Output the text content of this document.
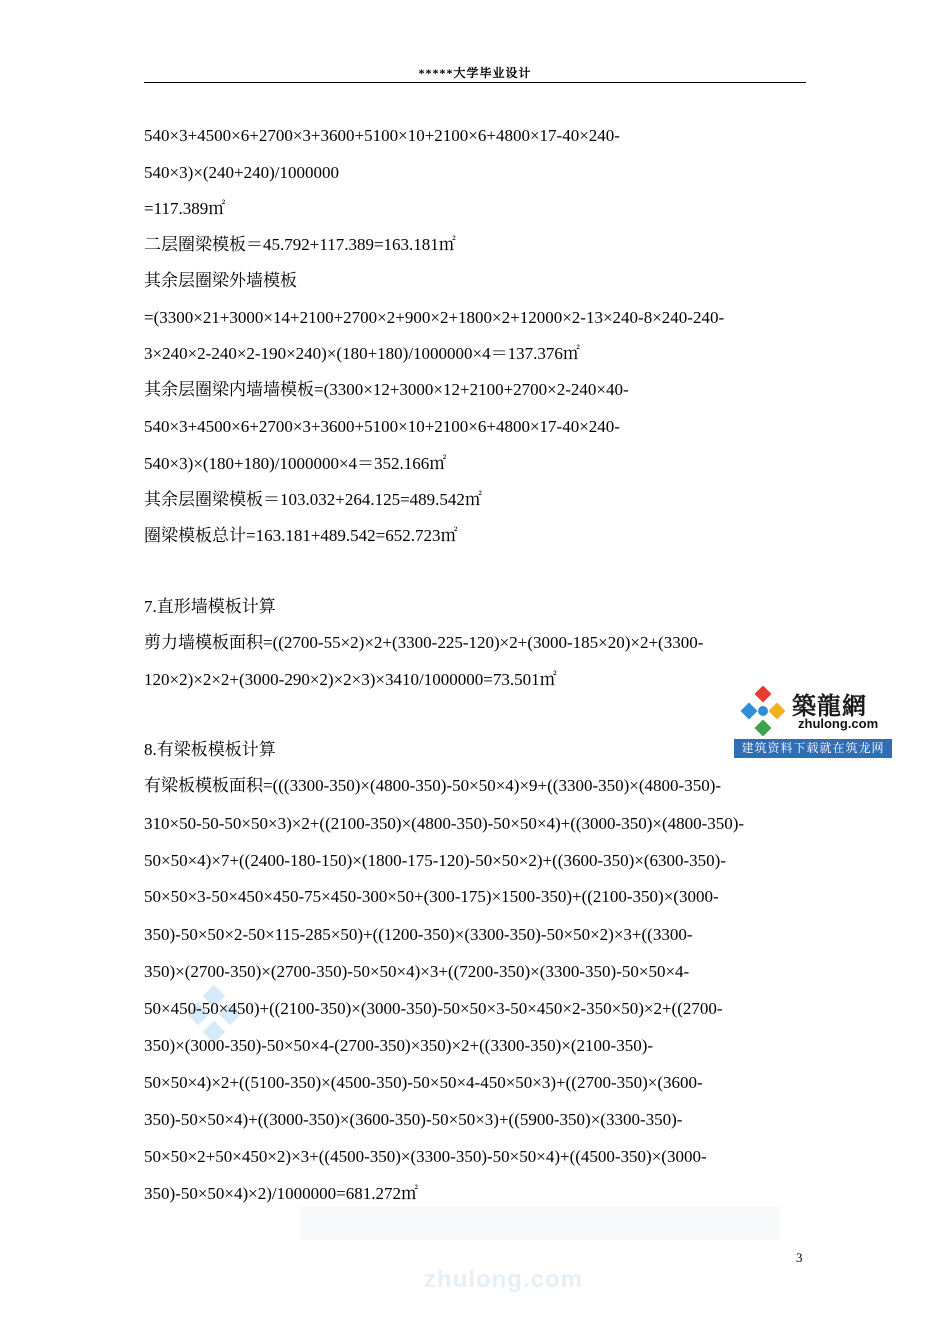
*****大学毕业设计
540×3+4500×6+2700×3+3600+5100×10+2100×6+4800×17-40×240-
540×3)×(240+240)/1000000
=117.389㎡
二层圈梁模板＝45.792+117.389=163.181㎡
其余层圈梁外墙模板
=(3300×21+3000×14+2100+2700×2+900×2+1800×2+12000×2-13×240-8×240-240-
3×240×2-240×2-190×240)×(180+180)/1000000×4＝137.376㎡
其余层圈梁内墙墙模板=(3300×12+3000×12+2100+2700×2-240×40-
540×3+4500×6+2700×3+3600+5100×10+2100×6+4800×17-40×240-
540×3)×(180+180)/1000000×4＝352.166㎡
其余层圈梁模板＝103.032+264.125=489.542㎡
圈梁模板总计=163.181+489.542=652.723㎡
7.直形墙模板计算
剪力墙模板面积=((2700-55×2)×2+(3300-225-120)×2+(3000-185×20)×2+(3300-
120×2)×2×2+(3000-290×2)×2×3)×3410/1000000=73.501㎡
8.有梁板模板计算
有梁板模板面积=(((3300-350)×(4800-350)-50×50×4)×9+((3300-350)×(4800-350)-
310×50-50-50×50×3)×2+((2100-350)×(4800-350)-50×50×4)+((3000-350)×(4800-350)-
50×50×4)×7+((2400-180-150)×(1800-175-120)-50×50×2)+((3600-350)×(6300-350)-
50×50×3-50×450×450-75×450-300×50+(300-175)×1500-350)+((2100-350)×(3000-
350)-50×50×2-50×115-285×50)+((1200-350)×(3300-350)-50×50×2)×3+((3300-
350)×(2700-350)×(2700-350)-50×50×4)×3+((7200-350)×(3300-350)-50×50×4-
50×450-50×450)+((2100-350)×(3000-350)-50×50×3-50×450×2-350×50)×2+((2700-
350)×(3000-350)-50×50×4-(2700-350)×350)×2+((3300-350)×(2100-350)-
50×50×4)×2+((5100-350)×(4500-350)-50×50×4-450×50×3)+((2700-350)×(3600-
350)-50×50×4)+((3000-350)×(3600-350)-50×50×3)+((5900-350)×(3300-350)-
50×50×2+50×450×2)×3+((4500-350)×(3300-350)-50×50×4)+((4500-350)×(3000-
350)-50×50×4)×2)/1000000=681.272㎡
築龍網
zhulong.com
建筑资料下载就在筑龙网
zhulong.com
3
